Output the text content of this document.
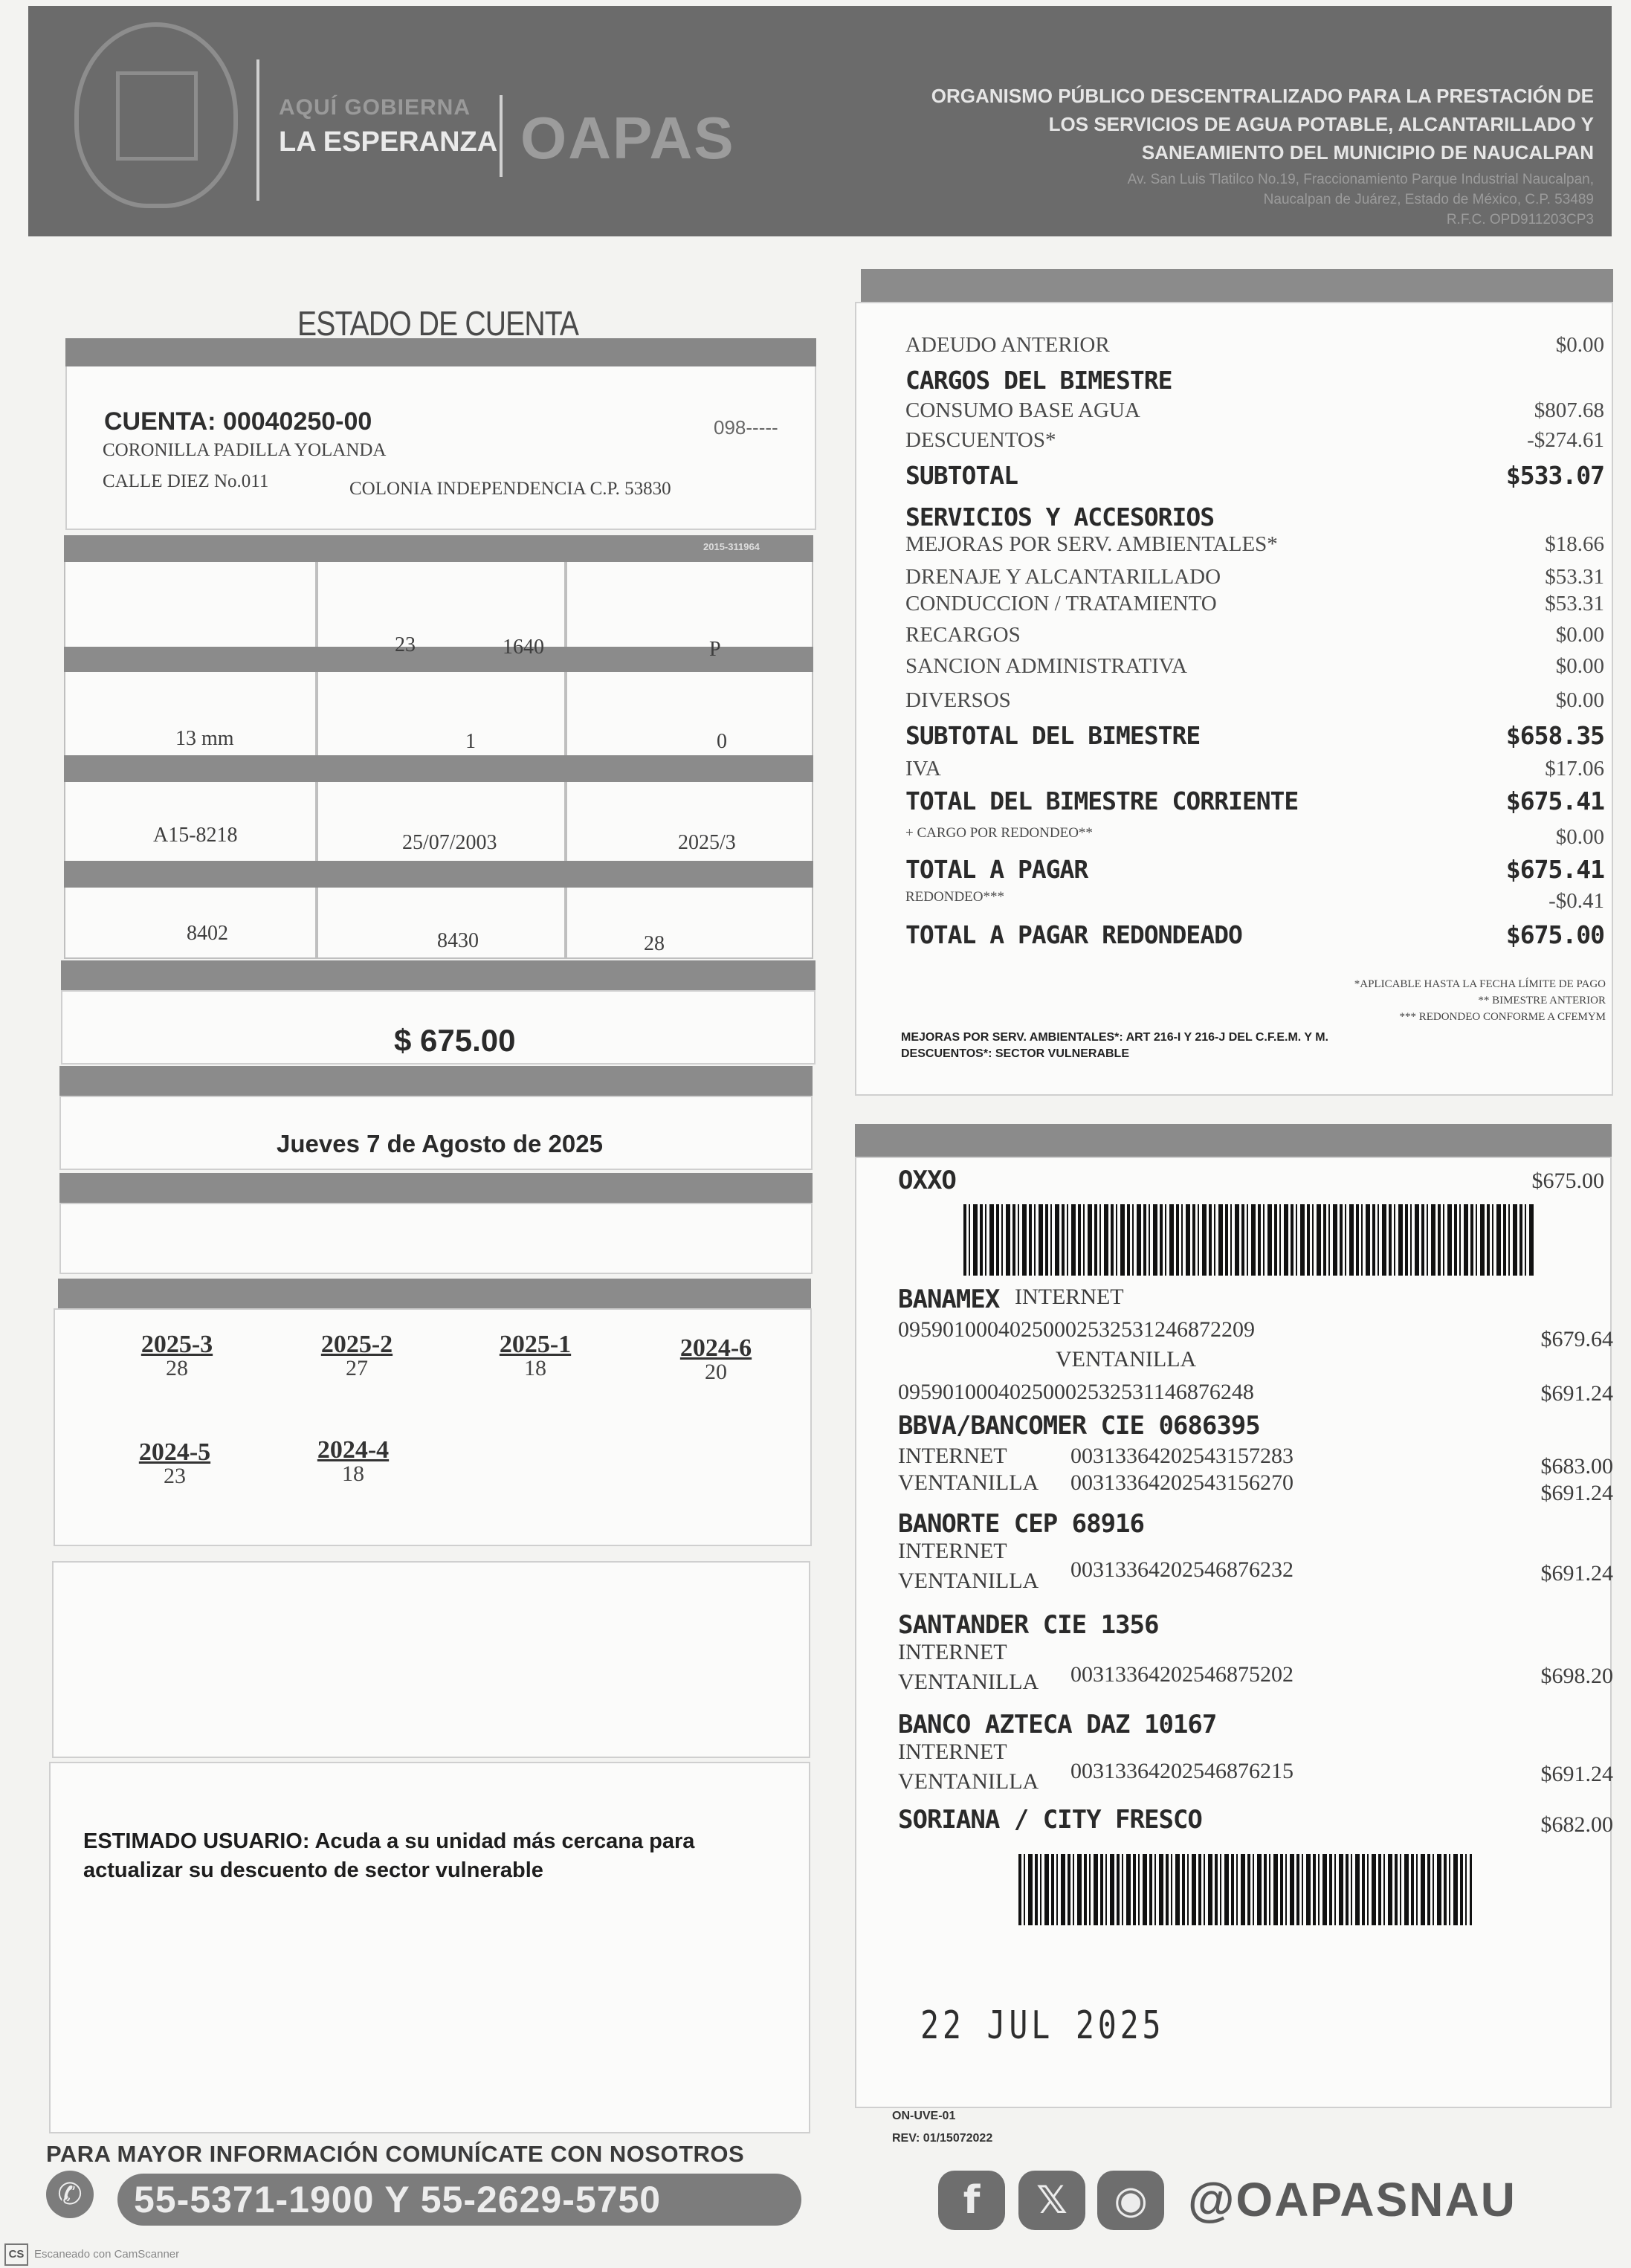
AQUÍ GOBIERNA
LA ESPERANZA OAPAS
ORGANISMO PÚBLICO DESCENTRALIZADO PARA LA PRESTACIÓN DE
LOS SERVICIOS DE AGUA POTABLE, ALCANTARILLADO Y
SANEAMIENTO DEL MUNICIPIO DE NAUCALPAN
Av. San Luis Tlatilco No.19, Fraccionamiento Parque Industrial Naucalpan,
Naucalpan de Juárez, Estado de México, C.P. 53489
R.F.C. OPD911203CP3
ESTADO DE CUENTA
CUENTA: 00040250-00	098-----
CORONILLA PADILLA YOLANDA
CALLE DIEZ No.011	COLONIA INDEPENDENCIA C.P. 53830
2015-311964
23	1640	P
13 mm	1	0
A15-8218	25/07/2003	2025/3
8402	8430	28
$ 675.00
Jueves 7 de Agosto de 2025
2025-3
28
2025-2
27
2025-1
18
2024-6
20
2024-5
23
2024-4
18
ESTIMADO USUARIO: Acuda a su unidad más cercana para actualizar su descuento de sector vulnerable
PARA MAYOR INFORMACIÓN COMUNÍCATE CON NOSOTROS
✆	55-5371-1900 Y 55-2629-5750
ADEUDO ANTERIOR	$0.00
CARGOS DEL BIMESTRE
CONSUMO BASE AGUA	$807.68
DESCUENTOS*	-$274.61
SUBTOTAL	$533.07
SERVICIOS Y ACCESORIOS
MEJORAS POR SERV. AMBIENTALES*	$18.66
DRENAJE Y ALCANTARILLADO	$53.31
CONDUCCION / TRATAMIENTO	$53.31
RECARGOS	$0.00
SANCION ADMINISTRATIVA	$0.00
DIVERSOS	$0.00
SUBTOTAL DEL BIMESTRE	$658.35
IVA	$17.06
TOTAL DEL BIMESTRE CORRIENTE	$675.41
+ CARGO POR REDONDEO**	$0.00
TOTAL A PAGAR	$675.41
REDONDEO***	-$0.41
TOTAL A PAGAR REDONDEADO	$675.00
*APLICABLE HASTA LA FECHA LÍMITE DE PAGO
** BIMESTRE ANTERIOR
*** REDONDEO CONFORME A CFEMYM
MEJORAS POR SERV. AMBIENTALES*: ART 216-I Y 216-J DEL C.F.E.M. Y M.
DESCUENTOS*: SECTOR VULNERABLE
OXXO	$675.00
BANAMEX INTERNET
09590100040250002532531246872209	$679.64
VENTANILLA
09590100040250002532531146876248	$691.24
BBVA/BANCOMER CIE 0686395
INTERNET	00313364202543157283	$683.00
VENTANILLA	00313364202543156270	$691.24
BANORTE CEP 68916
INTERNET
VENTANILLA	00313364202546876232	$691.24
SANTANDER CIE 1356
INTERNET
VENTANILLA	00313364202546875202	$698.20
BANCO AZTECA DAZ 10167
INTERNET
VENTANILLA	00313364202546876215	$691.24
SORIANA / CITY FRESCO	$682.00
22 JUL 2025
ON-UVE-01
REV: 01/15072022
f	𝕏	◉ @OAPASNAU
CS Escaneado con CamScanner
